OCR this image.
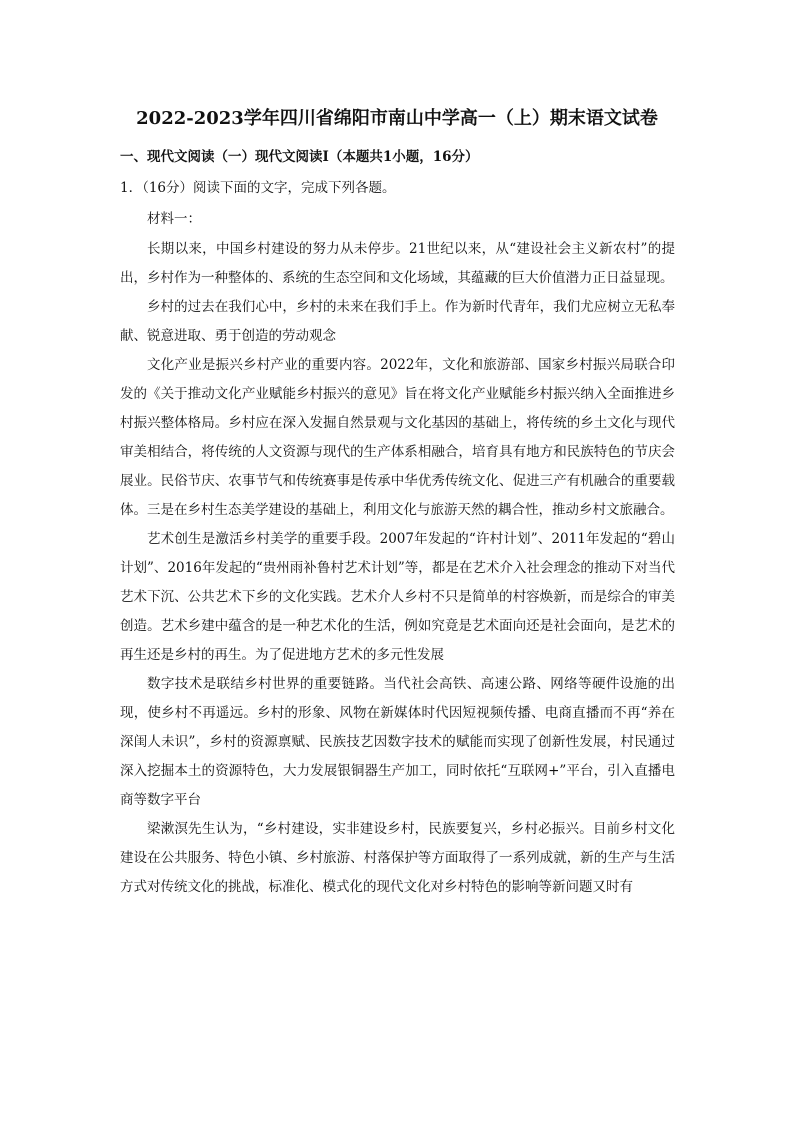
2022-2023学年四川省绵阳市南山中学高一（上）期末语文试卷
一、现代文阅读（一）现代文阅读Ⅰ（本题共1小题，16分）
1．（16分）阅读下面的文字，完成下列各题。
材料一：

长期以来，中国乡村建设的努力从未停步。21世纪以来，从“建设社会主义新农村”的提出，乡村作为一种整体的、系统的生态空间和文化场域，其蕴藏的巨大价值潜力正日益显现。

乡村的过去在我们心中，乡村的未来在我们手上。作为新时代青年，我们尤应树立无私奉献、锐意进取、勇于创造的劳动观念

文化产业是振兴乡村产业的重要内容。2022年，文化和旅游部、国家乡村振兴局联合印发的《关于推动文化产业赋能乡村振兴的意见》旨在将文化产业赋能乡村振兴纳入全面推进乡村振兴整体格局。乡村应在深入发掘自然景观与文化基因的基础上，将传统的乡土文化与现代审美相结合，将传统的人文资源与现代的生产体系相融合，培育具有地方和民族特色的节庆会展业。民俗节庆、农事节气和传统赛事是传承中华优秀传统文化、促进三产有机融合的重要载体。三是在乡村生态美学建设的基础上，利用文化与旅游天然的耦合性，推动乡村文旅融合。

艺术创生是激活乡村美学的重要手段。2007年发起的“许村计划”、2011年发起的“碧山计划”、2016年发起的“贵州雨补鲁村艺术计划”等，都是在艺术介入社会理念的推动下对当代艺术下沉、公共艺术下乡的文化实践。艺术介人乡村不只是简单的村容焕新，而是综合的审美创造。艺术乡建中蕴含的是一种艺术化的生活，例如究竟是艺术面向还是社会面向，是艺术的再生还是乡村的再生。为了促进地方艺术的多元性发展

数字技术是联结乡村世界的重要链路。当代社会高铁、高速公路、网络等硬件设施的出现，使乡村不再遥远。乡村的形象、风物在新媒体时代因短视频传播、电商直播而不再“养在深闺人未识”，乡村的资源禀赋、民族技艺因数字技术的赋能而实现了创新性发展，村民通过深入挖掘本土的资源特色，大力发展银铜器生产加工，同时依托“互联网+”平台，引入直播电商等数字平台

梁漱溟先生认为，“乡村建设，实非建设乡村，民族要复兴，乡村必振兴。目前乡村文化建设在公共服务、特色小镇、乡村旅游、村落保护等方面取得了一系列成就，新的生产与生活方式对传统文化的挑战，标准化、模式化的现代文化对乡村特色的影响等新问题又时有
